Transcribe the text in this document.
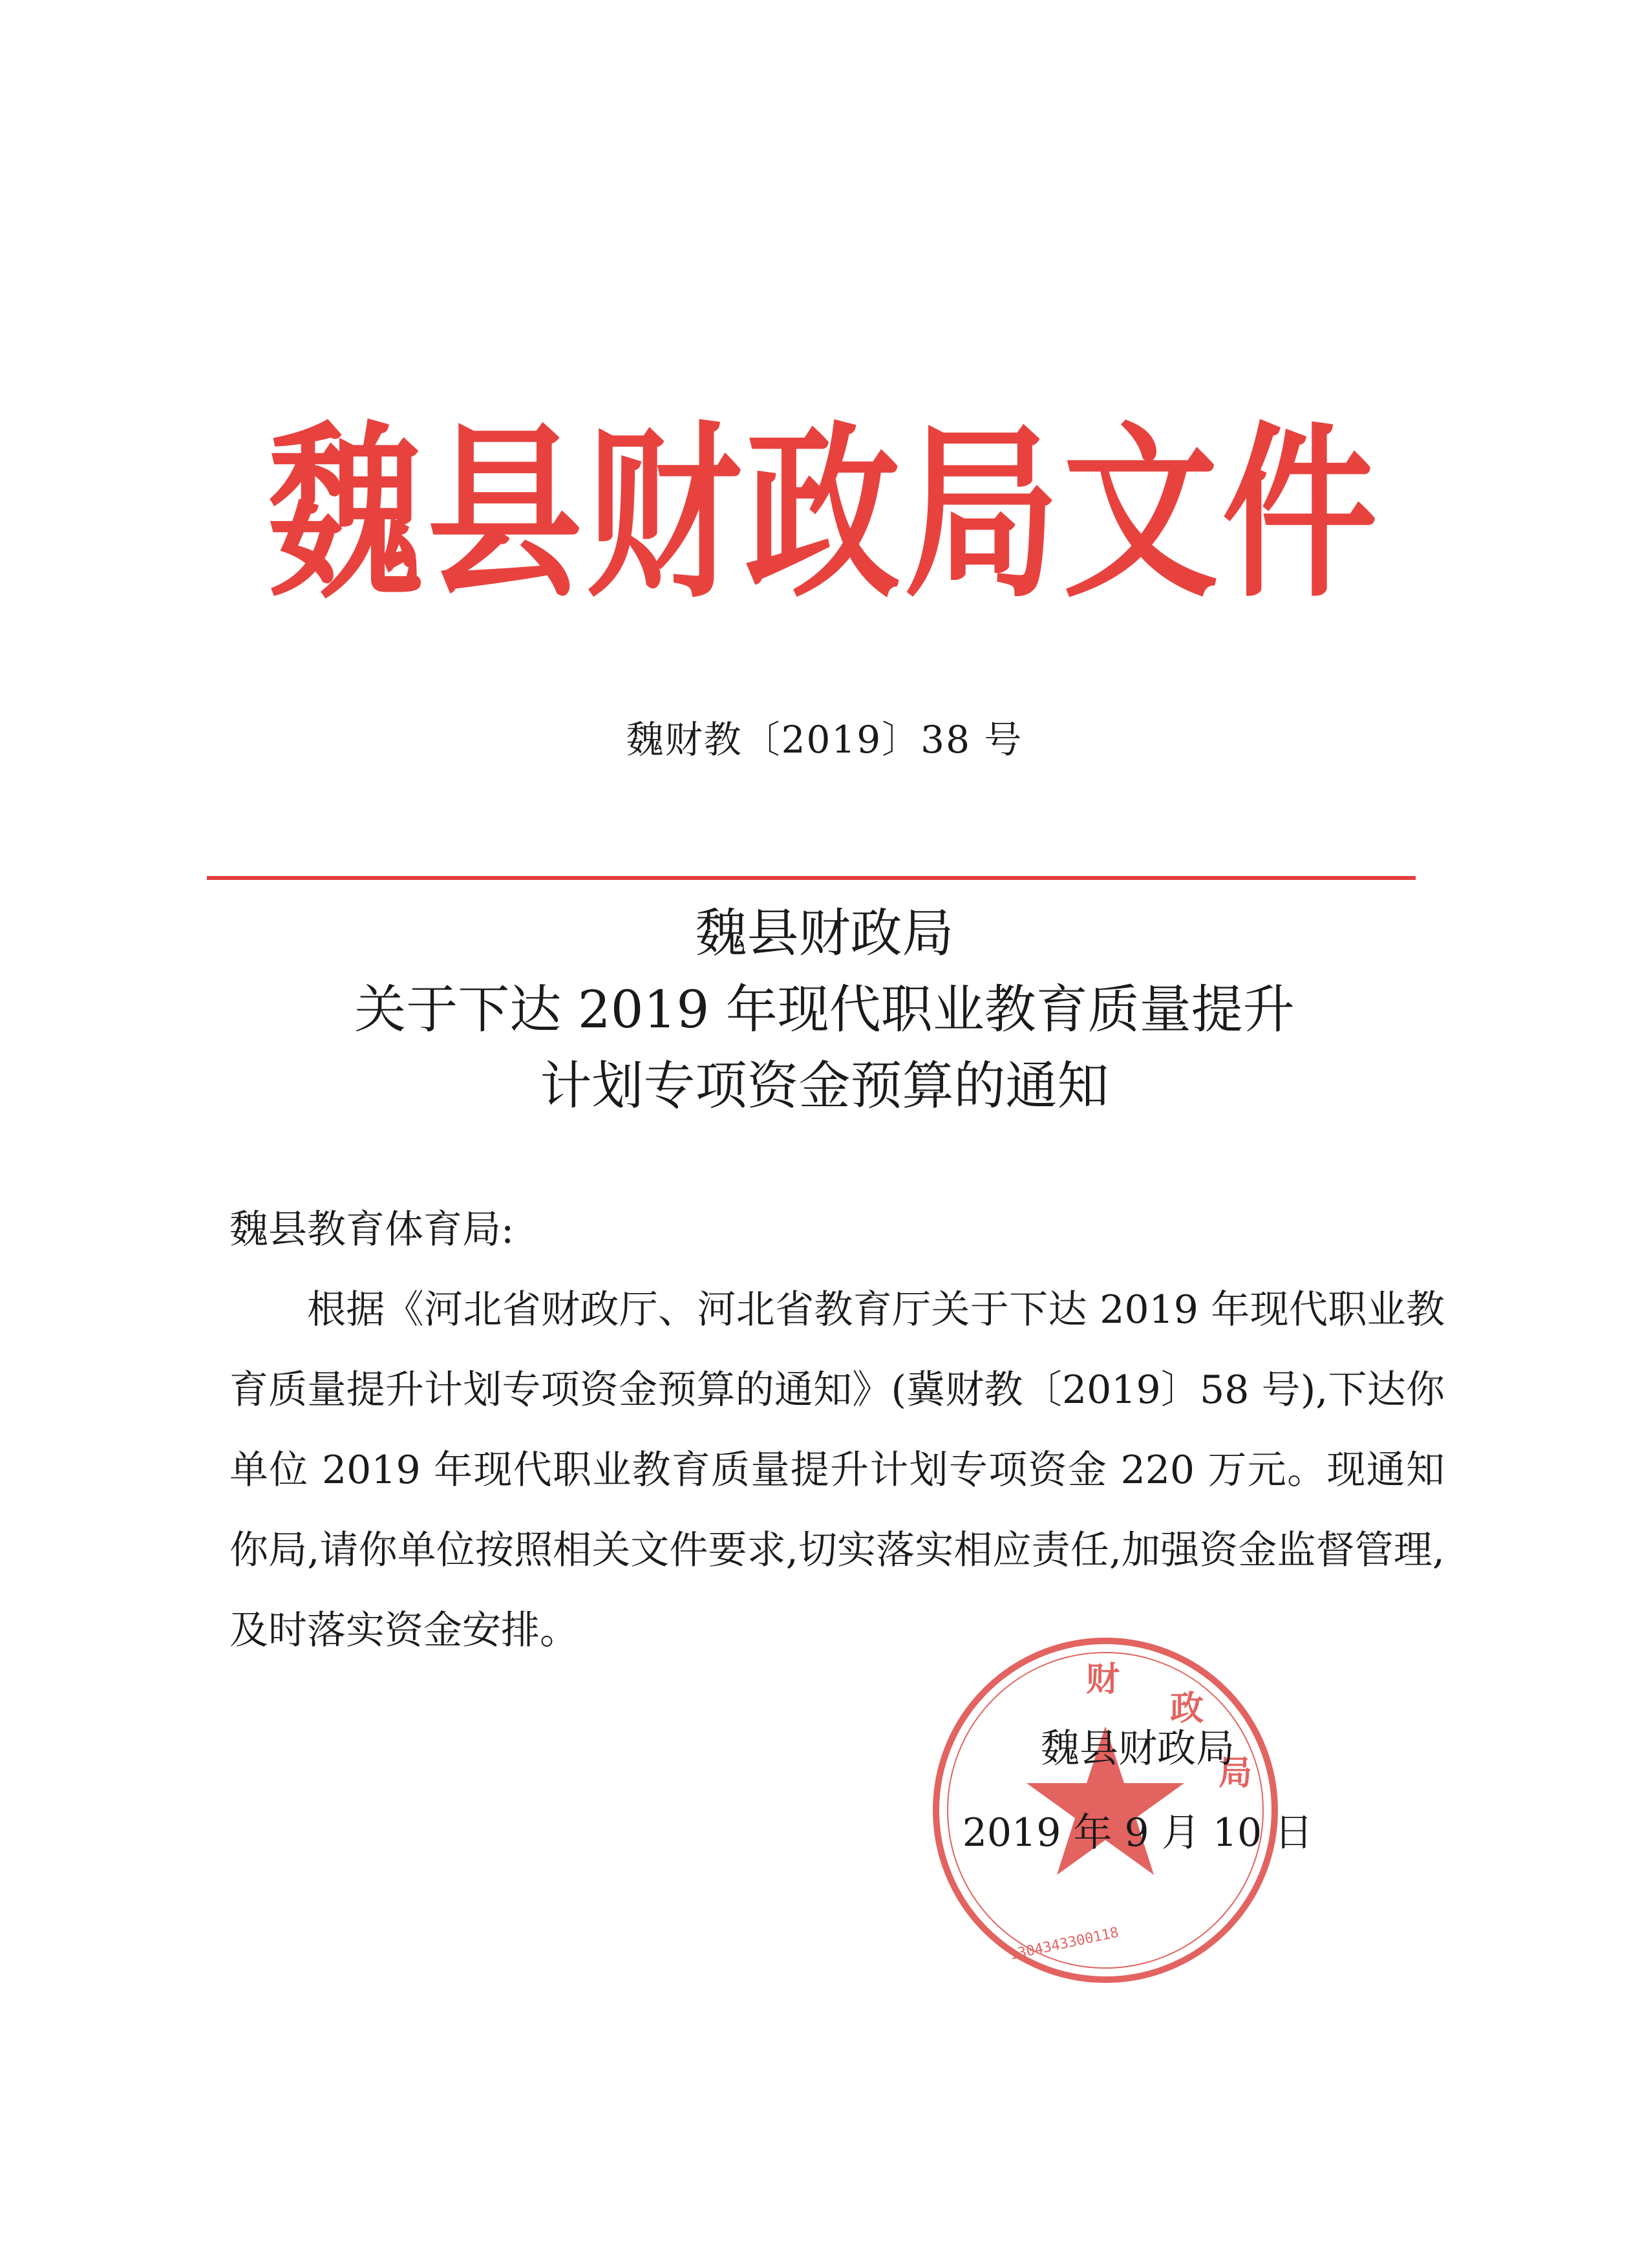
魏县财政局文件
魏财教〔2019〕38 号
魏县财政局
关于下达 2019 年现代职业教育质量提升
计划专项资金预算的通知
魏县教育体育局:
根据《河北省财政厅、河北省教育厅关于下达 2019 年现代职业教育质量提升计划专项资金预算的通知》(冀财教〔2019〕58 号),下达你单位 2019 年现代职业教育质量提升计划专项资金 220 万元。现通知你局,请你单位按照相关文件要求,切实落实相应责任,加强资金监督管理,及时落实资金安排。
财
政
局
1304343300118
魏县财政局
2019 年 9 月 10 日
